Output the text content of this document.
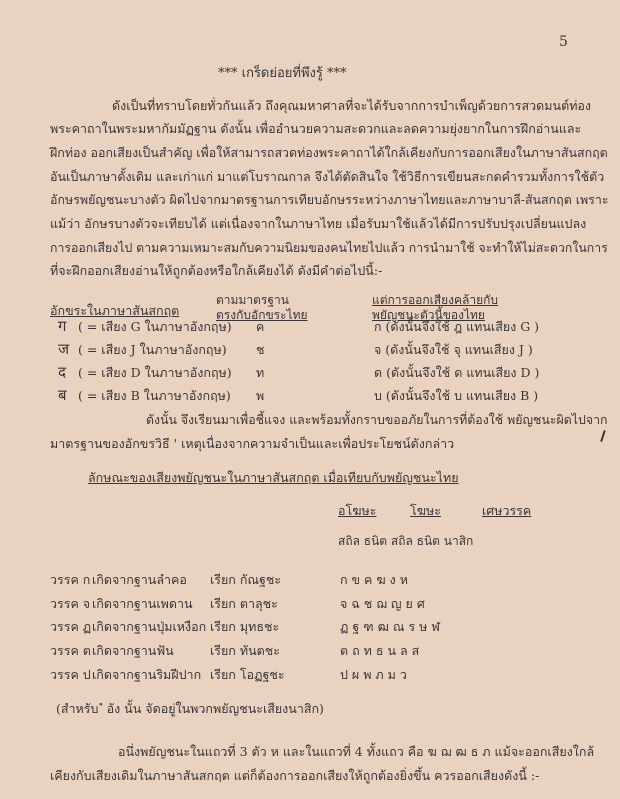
5
*** เกร็ดย่อยที่พึงรู้ ***
ดังเป็นที่ทราบโดยทั่วกันแล้ว ถึงคุณมหาศาลที่จะได้รับจากการบำเพ็ญด้วยการสวดมนต์ท่อง
พระคาถาในพระมหากัมมัฏฐาน ดังนั้น เพื่ออำนวยความสะดวกและลดความยุ่งยากในการฝึกอ่านและ
ฝึกท่อง ออกเสียงเป็นสำคัญ เพื่อให้สามารถสวดท่องพระคาถาได้ใกล้เคียงกับการออกเสียงในภาษาสันสกฤต
อันเป็นภาษาดั้งเดิม และเก่าแก่ มาแต่โบราณกาล จึงได้ตัดสินใจ ใช้วิธีการเขียนสะกดคำรวมทั้งการใช้ตัว
อักษรพยัญชนะบางตัว ผิดไปจากมาตรฐานการเทียบอักษรระหว่างภาษาไทยและภาษาบาลี-สันสกฤต เพราะ
แม้ว่า อักษรบางตัวจะเทียบได้ แต่เนื่องจากในภาษาไทย เมื่อรับมาใช้แล้วได้มีการปรับปรุงเปลี่ยนแปลง
การออกเสียงไป ตามความเหมาะสมกับความนิยมของคนไทยไปแล้ว การนำมาใช้ จะทำให้ไม่สะดวกในการ
ที่จะฝึกออกเสียงอ่านให้ถูกต้องหรือใกล้เคียงได้ ดังมีคำต่อไปนี้:-
อักขระในภาษาสันสกฤต
ตามมาตรฐาน
ตรงกับอักขระไทย
แต่การออกเสียงคล้ายกับ
พยัญชนะตัวนี้ของไทย
ग ( = เสียง G ในภาษาอังกฤษ) ค	ก (ดังนั้นจึงใช้ ฎ แทนเสียง G )
ज ( = เสียง J ในภาษาอังกฤษ) ช	จ (ดังนั้นจึงใช้ จุ แทนเสียง J )
द ( = เสียง D ในภาษาอังกฤษ) ท	ด (ดังนั้นจึงใช้ ด แทนเสียง D )
ब ( = เสียง B ในภาษาอังกฤษ) พ	บ (ดังนั้นจึงใช้ บ แทนเสียง B )
ดังนั้น จึงเรียนมาเพื่อชี้แจง และพร้อมทั้งกราบขออภัยในการที่ต้องใช้ พยัญชนะผิดไปจาก
มาตรฐานของอักขรวิธี ' เหตุเนื่องจากความจำเป็นและเพื่อประโยชน์ดังกล่าว
ลักษณะของเสียงพยัญชนะในภาษาสันสกฤต เมื่อเทียบกับพยัญชนะไทย
อโฆษะ	โฆษะ	เศษวรรค
สถิล ธนิต สถิล ธนิต นาสิก
วรรค ก เกิดจากฐานลำคอ เรียก กัณฐชะ	ก ข ค ฆ ง ห
วรรค จ เกิดจากฐานเพดาน เรียก ตาลุชะ	จ ฉ ช ฌ ญ ย ศ
วรรค ฏ เกิดจากฐานปุ่มเหงือก เรียก มุทธชะ	ฏ ฐ ฑ ฒ ณ ร ษ ฬ
วรรค ต เกิดจากฐานฟัน	เรียก ทันตชะ	ต ถ ท ธ น ล ส
วรรค ป เกิดจากฐานริมฝีปาก เรียก โอฏฐชะ	ป ผ พ ภ ม ว
(สำหรับ ํ อัง นั้น จัดอยู่ในพวกพยัญชนะเสียงนาสิก)
อนึ่งพยัญชนะในแถวที่ 3 ตัว ห และในแถวที่ 4 ทั้งแถว คือ ฆ ฌ ฒ ธ ภ แม้จะออกเสียงใกล้
เคียงกับเสียงเดิมในภาษาสันสกฤต แต่ก็ต้องการออกเสียงให้ถูกต้องยิ่งขึ้น ควรออกเสียงดังนี้ :-
